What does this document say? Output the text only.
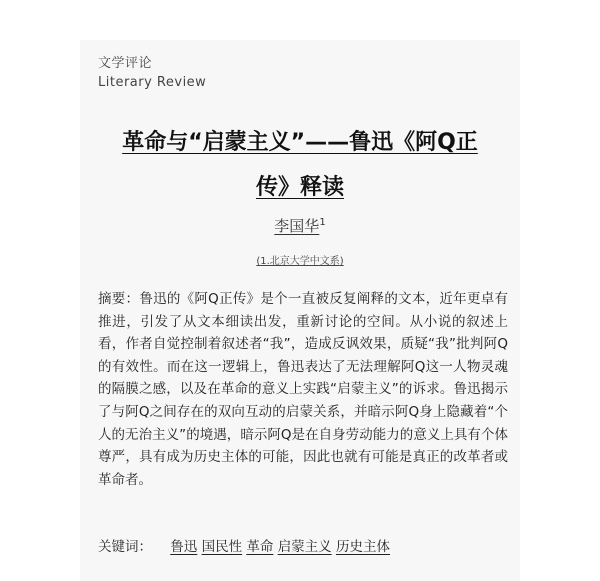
文学评论
Literary Review
革命与“启蒙主义”——鲁迅《阿Q正
传》释读
李国华$^1$
(1.北京大学中文系)
摘要：鲁迅的《阿Q正传》是个一直被反复阐释的文本，近年更卓有推进，引发了从文本细读出发，重新讨论的空间。从小说的叙述上看，作者自觉控制着叙述者“我”，造成反讽效果，质疑“我”批判阿Q的有效性。而在这一逻辑上，鲁迅表达了无法理解阿Q这一人物灵魂的隔膜之感，以及在革命的意义上实践“启蒙主义”的诉求。鲁迅揭示了与阿Q之间存在的双向互动的启蒙关系，并暗示阿Q身上隐藏着“个人的无治主义”的境遇，暗示阿Q是在自身劳动能力的意义上具有个体尊严，具有成为历史主体的可能，因此也就有可能是真正的改革者或革命者。
关键词： 鲁迅 国民性 革命 启蒙主义 历史主体
